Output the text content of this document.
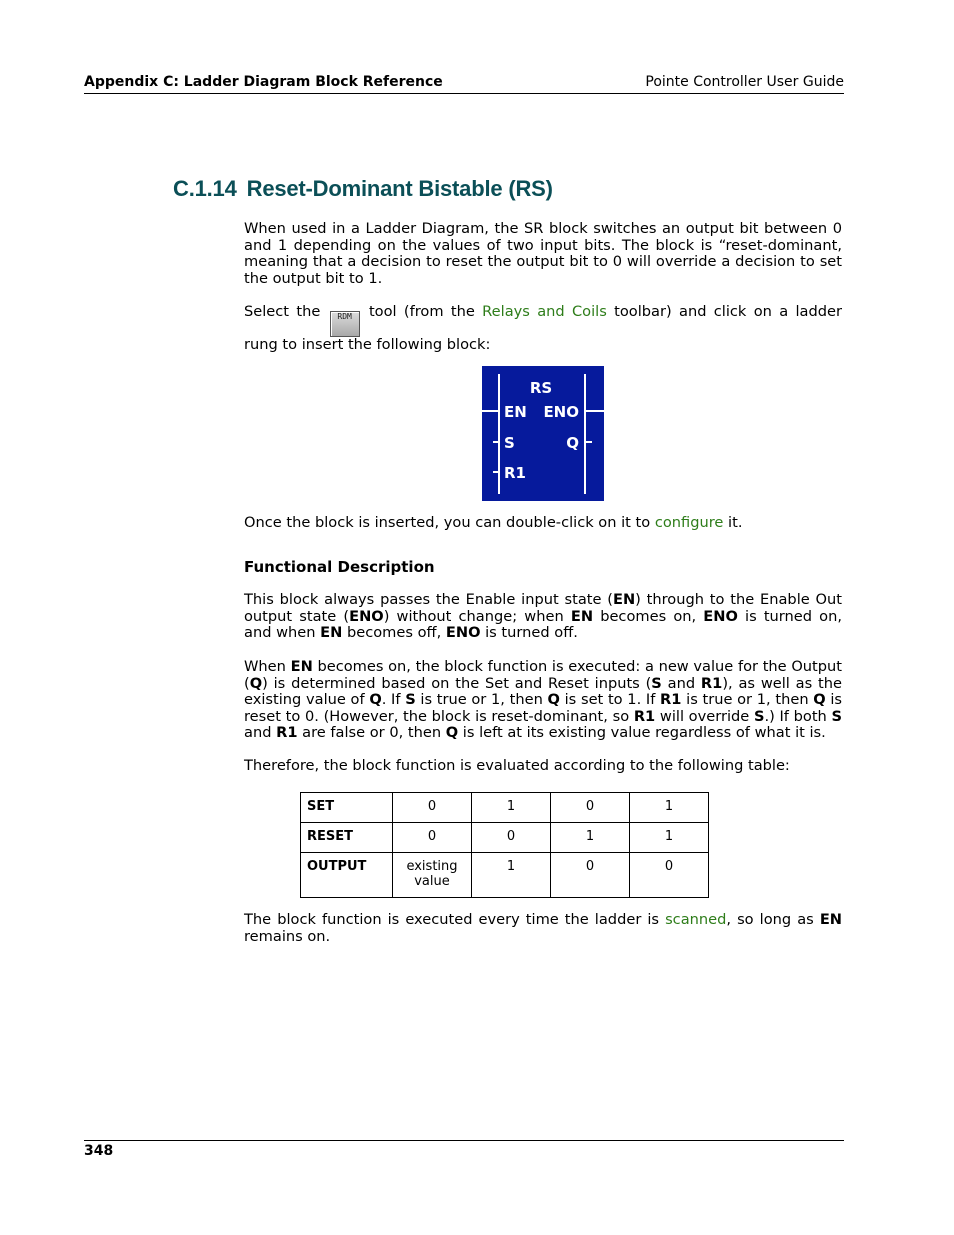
Appendix C: Ladder Diagram Block Reference	Pointe Controller User Guide
C.1.14 Reset-Dominant Bistable (RS)

When used in a Ladder Diagram, the SR block switches an output bit between 0 and 1 depending on the values of two input bits. The block is “reset-dominant, meaning that a decision to reset the output bit to 0 will override a decision to set the output bit to 1.

Select the RDM tool (from the Relays and Coils toolbar) and click on a ladder rung to insert the following block:

RS
EN ENO
S	Q
R1

Once the block is inserted, you can double-click on it to configure it.

Functional Description

This block always passes the Enable input state (EN) through to the Enable Out output state (ENO) without change; when EN becomes on, ENO is turned on, and when EN becomes off, ENO is turned off.

When EN becomes on, the block function is executed: a new value for the Output (Q) is determined based on the Set and Reset inputs (S and R1), as well as the existing value of Q. If S is true or 1, then Q is set to 1. If R1 is true or 1, then Q is reset to 0. (However, the block is reset-dominant, so R1 will override S.) If both S and R1 are false or 0, then Q is left at its existing value regardless of what it is.

Therefore, the block function is evaluated according to the following table:

SET	0	1	0	1
RESET	0	0	1	1
OUTPUT	existing value	1	0	0

The block function is executed every time the ladder is scanned, so long as EN remains on.

348
